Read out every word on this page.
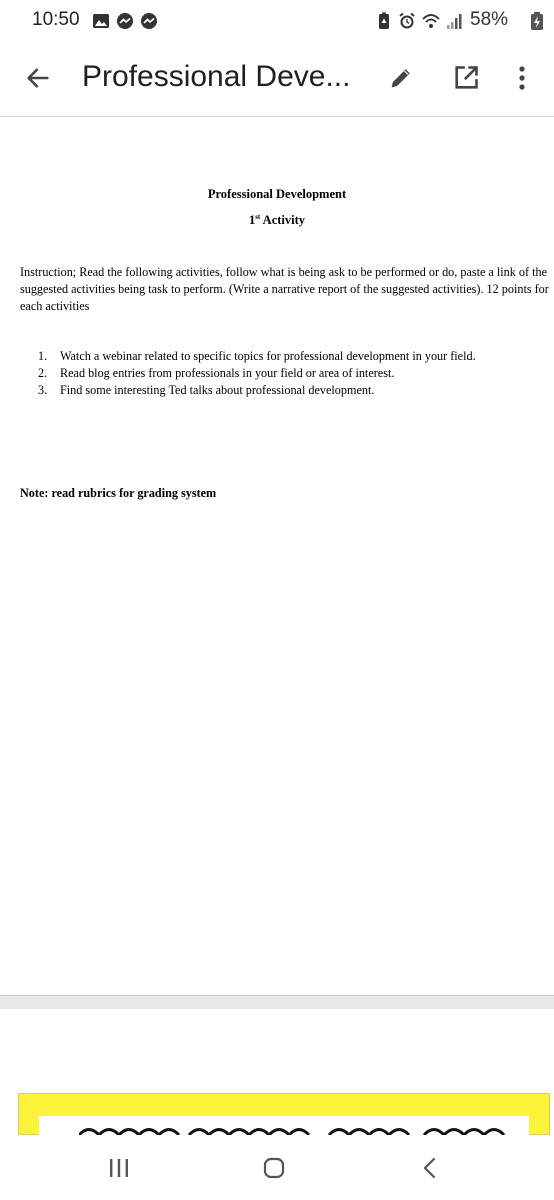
10:50	58%
Professional Deve...
Professional Development
1st Activity
Instruction; Read the following activities, follow what is being ask to be performed or do, paste a link of the suggested activities being task to perform. (Write a narrative report of the suggested activities). 12 points for each activities
1.	Watch a webinar related to specific topics for professional development in your field.
2.	Read blog entries from professionals in your field or area of interest.
3.	Find some interesting Ted talks about professional development.
Note: read rubrics for grading system
